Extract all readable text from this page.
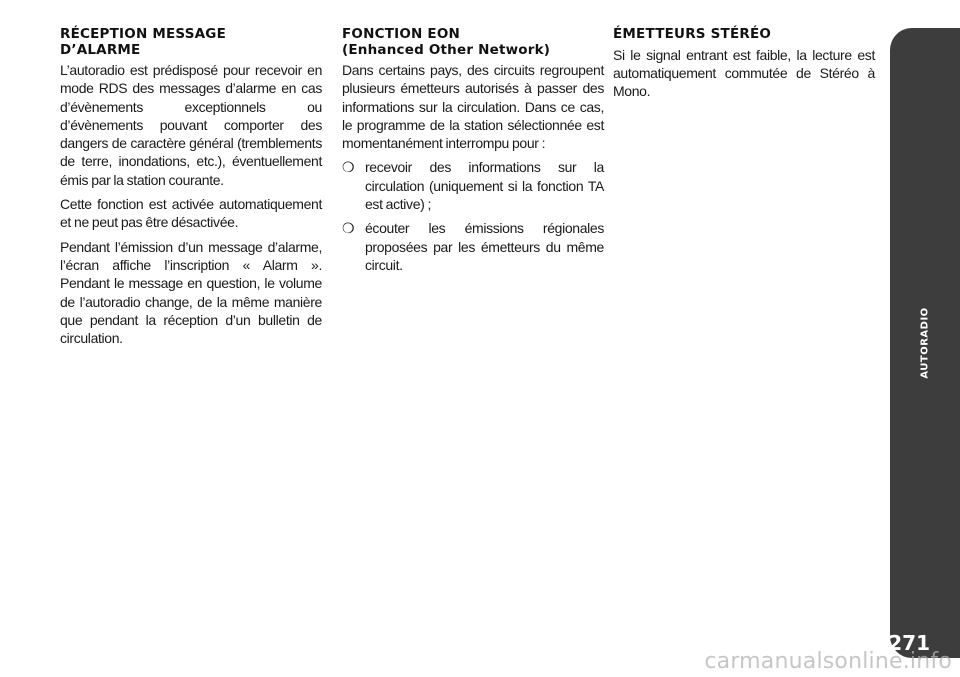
RÉCEPTION MESSAGE
D’ALARME

L’autoradio est prédisposé pour recevoir en mode RDS des messages d’alarme en cas d’évènements exceptionnels ou d’évènements pouvant comporter des dangers de caractère général (tremblements de terre, inondations, etc.), éventuellement émis par la station courante.

Cette fonction est activée automatiquement et ne peut pas être désactivée.

Pendant l’émission d’un message d’alarme, l’écran affiche l’inscription « Alarm ». Pendant le message en question, le volume de l’autoradio change, de la même manière que pendant la réception d’un bulletin de circulation.

FONCTION EON
(Enhanced Other Network)

Dans certains pays, des circuits regroupent plusieurs émetteurs autorisés à passer des informations sur la circulation. Dans ce cas, le programme de la station sélectionnée est momentanément interrompu pour :

❍ recevoir des informations sur la circulation (uniquement si la fonction TA est active) ;
❍ écouter les émissions régionales proposées par les émetteurs du même circuit.
ÉMETTEURS STÉRÉO

Si le signal entrant est faible, la lecture est automatiquement commutée de Stéréo à Mono.

AUTORADIO
271
carmanualsonline.info
